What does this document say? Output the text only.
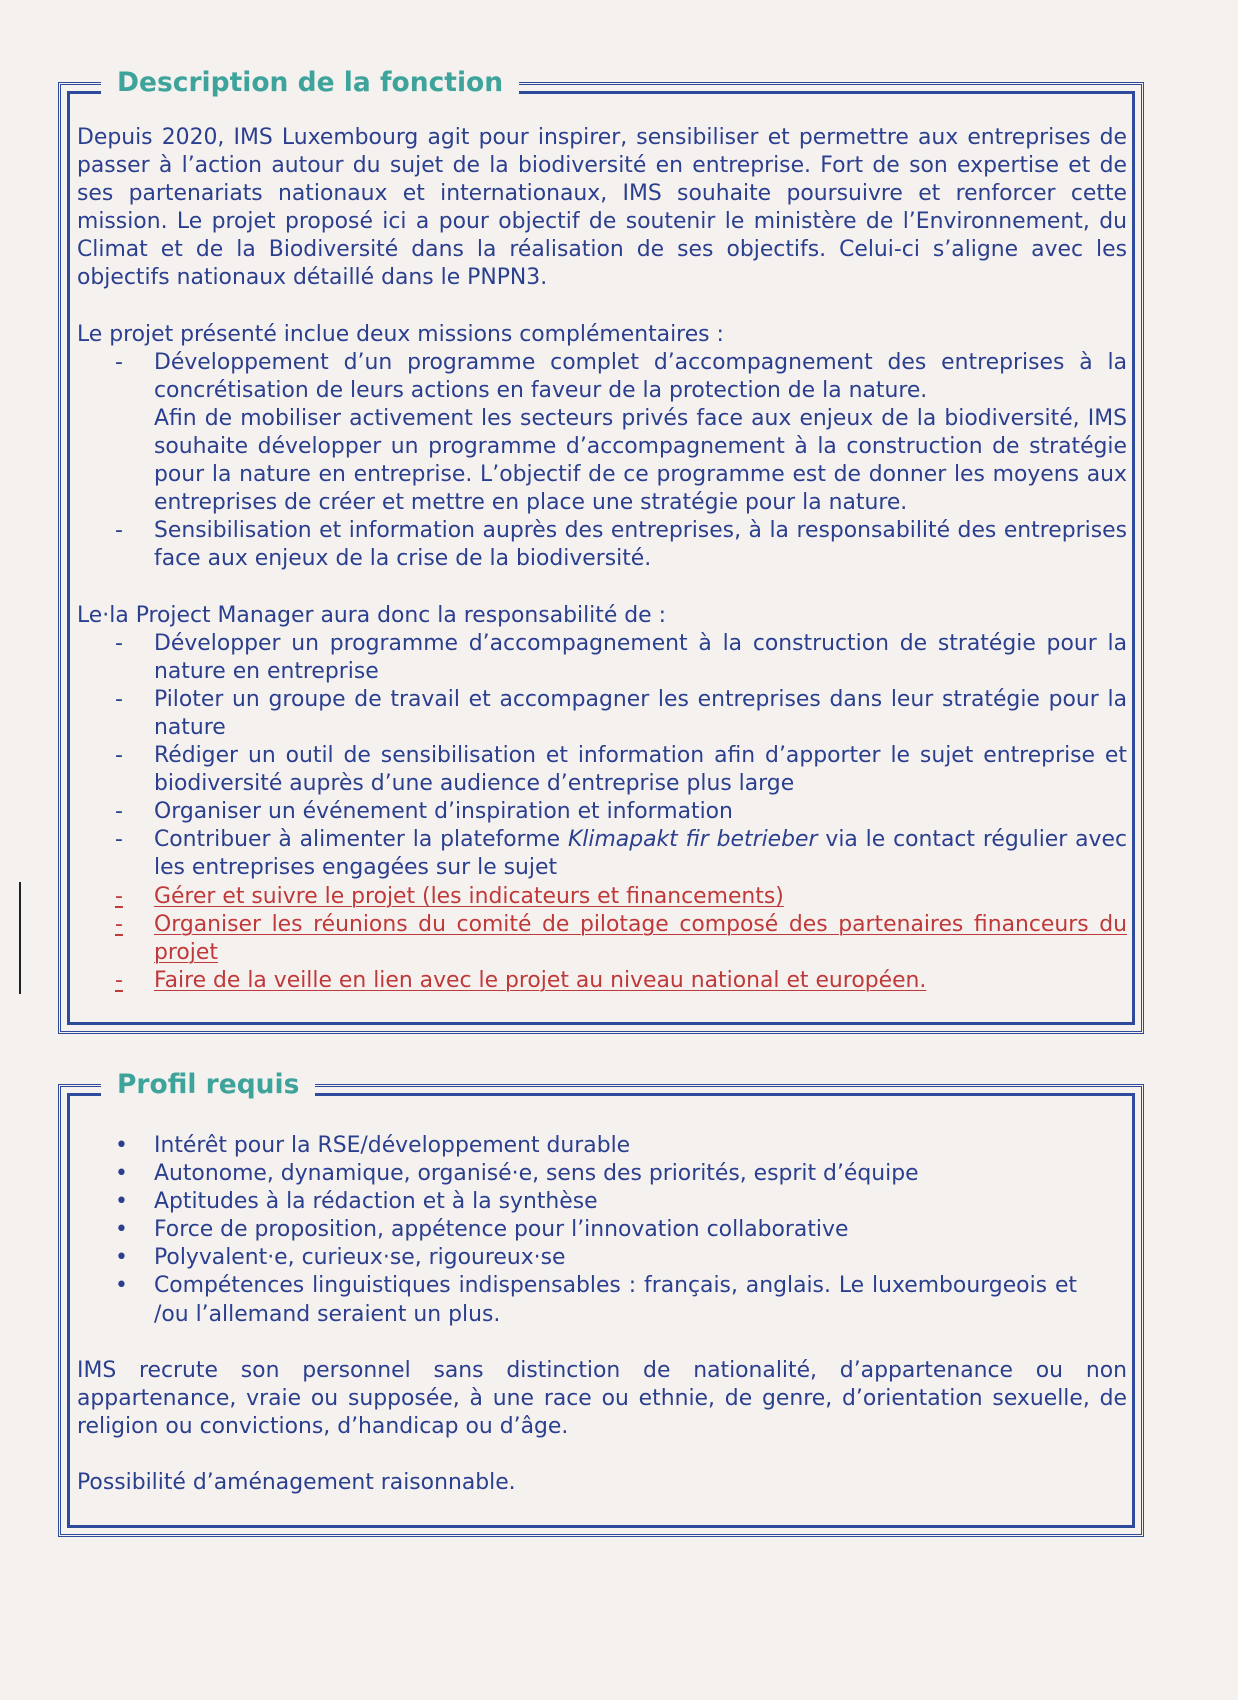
Description de la fonction

Depuis 2020, IMS Luxembourg agit pour inspirer, sensibiliser et permettre aux entreprises de passer à l’action autour du sujet de la biodiversité en entreprise. Fort de son expertise et de ses partenariats nationaux et internationaux, IMS souhaite poursuivre et renforcer cette mission. Le projet proposé ici a pour objectif de soutenir le ministère de l’Environnement, du Climat et de la Biodiversité dans la réalisation de ses objectifs. Celui-ci s’aligne avec les objectifs nationaux détaillé dans le PNPN3.

Le projet présenté inclue deux missions complémentaires :

- Développement d’un programme complet d’accompagnement des entreprises à la concrétisation de leurs actions en faveur de la protection de la nature.
Afin de mobiliser activement les secteurs privés face aux enjeux de la biodiversité, IMS souhaite développer un programme d’accompagnement à la construction de stratégie pour la nature en entreprise. L’objectif de ce programme est de donner les moyens aux entreprises de créer et mettre en place une stratégie pour la nature.
- Sensibilisation et information auprès des entreprises, à la responsabilité des entreprises face aux enjeux de la crise de la biodiversité.

Le·la Project Manager aura donc la responsabilité de :

- Développer un programme d’accompagnement à la construction de stratégie pour la nature en entreprise
- Piloter un groupe de travail et accompagner les entreprises dans leur stratégie pour la nature
- Rédiger un outil de sensibilisation et information afin d’apporter le sujet entreprise et biodiversité auprès d’une audience d’entreprise plus large
- Organiser un événement d’inspiration et information
- Contribuer à alimenter la plateforme Klimapakt fir betrieber via le contact régulier avec les entreprises engagées sur le sujet
- Gérer et suivre le projet (les indicateurs et financements)
- Organiser les réunions du comité de pilotage composé des partenaires financeurs du projet
- Faire de la veille en lien avec le projet au niveau national et européen.
Profil requis
• Intérêt pour la RSE/développement durable
• Autonome, dynamique, organisé·e, sens des priorités, esprit d’équipe
• Aptitudes à la rédaction et à la synthèse
• Force de proposition, appétence pour l’innovation collaborative
• Polyvalent·e, curieux·se, rigoureux·se
• Compétences linguistiques indispensables : français, anglais. Le luxembourgeois et /ou l’allemand seraient un plus.

IMS recrute son personnel sans distinction de nationalité, d’appartenance ou non appartenance, vraie ou supposée, à une race ou ethnie, de genre, d’orientation sexuelle, de religion ou convictions, d’handicap ou d’âge.

Possibilité d’aménagement raisonnable.
